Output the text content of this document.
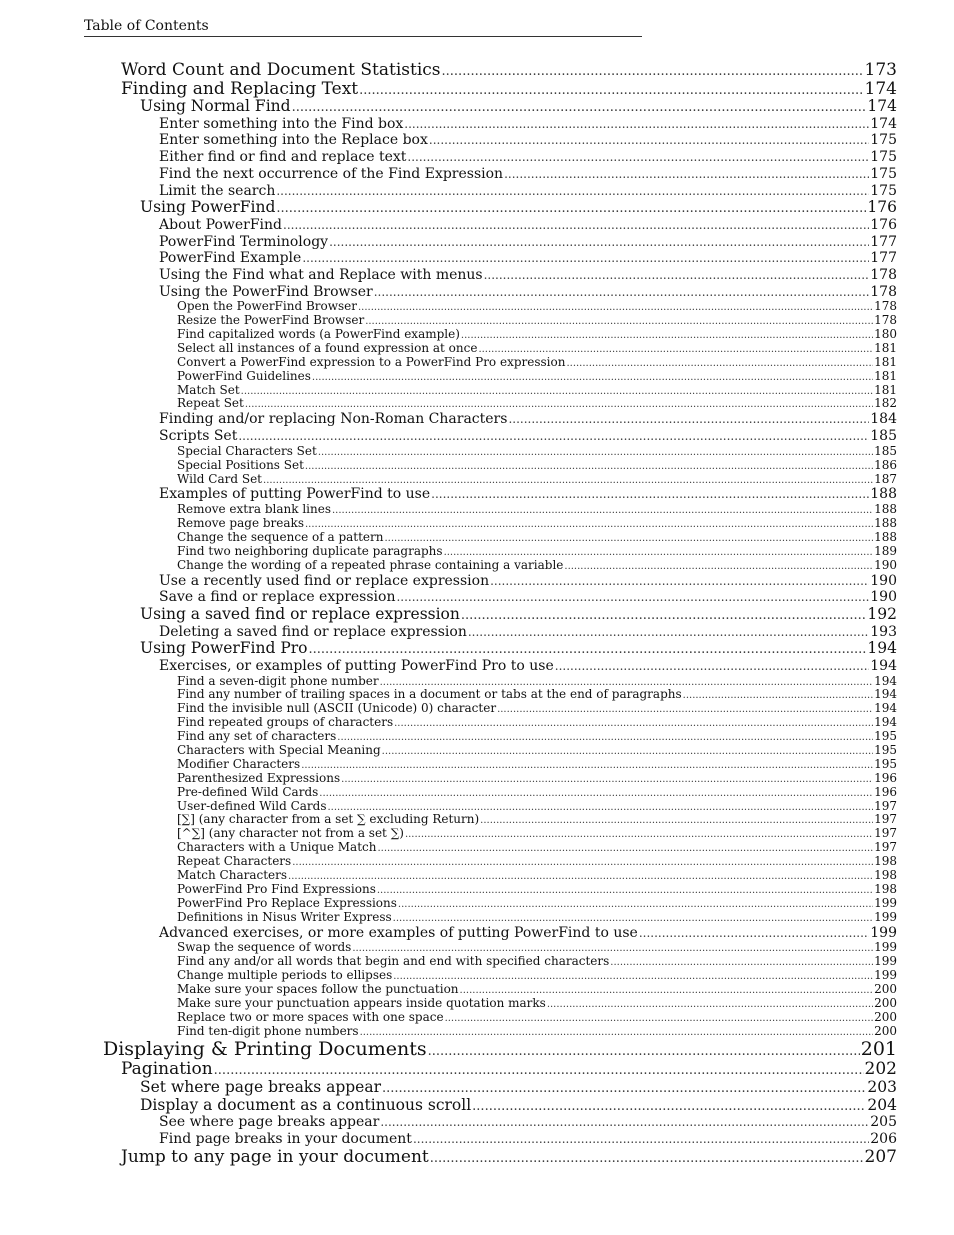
Table of Contents
Word Count and Document Statistics .....	173
Finding and Replacing Text .....	174
Using Normal Find .....	174
Enter something into the Find box .....	174
Enter something into the Replace box .....	175
Either find or find and replace text .....	175
Find the next occurrence of the Find Expression .....	175
Limit the search .....	175
Using PowerFind .....	176
About PowerFind .....	176
PowerFind Terminology .....	177
PowerFind Example .....	177
Using the Find what and Replace with menus .....	178
Using the PowerFind Browser .....	178
Open the PowerFind Browser .....	178
Resize the PowerFind Browser .....	178
Find capitalized words (a PowerFind example) .....	180
Select all instances of a found expression at once .....	181
Convert a PowerFind expression to a PowerFind Pro expression .....	181
PowerFind Guidelines .....	181
Match Set .....	181
Repeat Set .....	182
Finding and/or replacing Non-Roman Characters .....	184
Scripts Set .....	185
Special Characters Set .....	185
Special Positions Set .....	186
Wild Card Set .....	187
Examples of putting PowerFind to use .....	188
Remove extra blank lines .....	188
Remove page breaks .....	188
Change the sequence of a pattern .....	188
Find two neighboring duplicate paragraphs .....	189
Change the wording of a repeated phrase containing a variable .....	190
Use a recently used find or replace expression .....	190
Save a find or replace expression .....	190
Using a saved find or replace expression .....	192
Deleting a saved find or replace expression .....	193
Using PowerFind Pro .....	194
Exercises, or examples of putting PowerFind Pro to use .....	194
Find a seven-digit phone number .....	194
Find any number of trailing spaces in a document or tabs at the end of paragraphs .....	194
Find the invisible null (ASCII (Unicode) 0) character .....	194
Find repeated groups of characters .....	194
Find any set of characters .....	195
Characters with Special Meaning .....	195
Modifier Characters .....	195
Parenthesized Expressions .....	196
Pre-defined Wild Cards .....	196
User-defined Wild Cards .....	197
[∑] (any character from a set ∑ excluding Return) .....	197
[^∑] (any character not from a set ∑) .....	197
Characters with a Unique Match .....	197
Repeat Characters .....	198
Match Characters .....	198
PowerFind Pro Find Expressions .....	198
PowerFind Pro Replace Expressions .....	199
Definitions in Nisus Writer Express .....	199
Advanced exercises, or more examples of putting PowerFind to use .....	199
Swap the sequence of words .....	199
Find any and/or all words that begin and end with specified characters .....	199
Change multiple periods to ellipses .....	199
Make sure your spaces follow the punctuation .....	200
Make sure your punctuation appears inside quotation marks .....	200
Replace two or more spaces with one space .....	200
Find ten-digit phone numbers .....	200
Displaying & Printing Documents .....	201
Pagination .....	202
Set where page breaks appear .....	203
Display a document as a continuous scroll .....	204
See where page breaks appear .....	205
Find page breaks in your document .....	206
Jump to any page in your document .....	207
